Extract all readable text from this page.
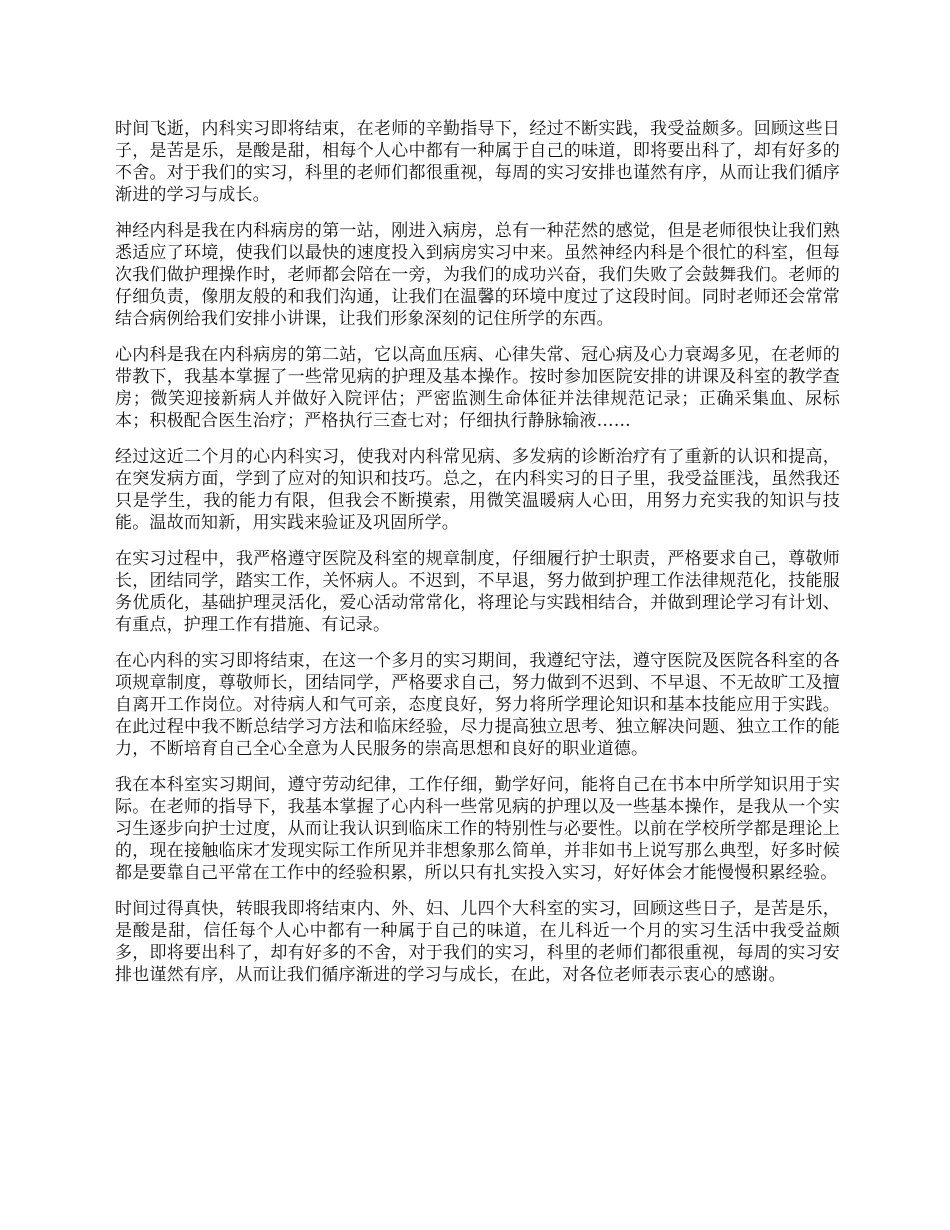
时间飞逝，内科实习即将结束，在老师的辛勤指导下，经过不断实践，我受益颇多。回顾这些日子，是苦是乐，是酸是甜，相每个人心中都有一种属于自己的味道，即将要出科了，却有好多的不舍。对于我们的实习，科里的老师们都很重视，每周的实习安排也谨然有序，从而让我们循序渐进的学习与成长。

神经内科是我在内科病房的第一站，刚进入病房，总有一种茫然的感觉，但是老师很快让我们熟悉适应了环境，使我们以最快的速度投入到病房实习中来。虽然神经内科是个很忙的科室，但每次我们做护理操作时，老师都会陪在一旁，为我们的成功兴奋，我们失败了会鼓舞我们。老师的仔细负责，像朋友般的和我们沟通，让我们在温馨的环境中度过了这段时间。同时老师还会常常结合病例给我们安排小讲课，让我们形象深刻的记住所学的东西。

心内科是我在内科病房的第二站，它以高血压病、心律失常、冠心病及心力衰竭多见，在老师的带教下，我基本掌握了一些常见病的护理及基本操作。按时参加医院安排的讲课及科室的教学查房；微笑迎接新病人并做好入院评估；严密监测生命体征并法律规范记录；正确采集血、尿标本；积极配合医生治疗；严格执行三查七对；仔细执行静脉输液……

经过这近二个月的心内科实习，使我对内科常见病、多发病的诊断治疗有了重新的认识和提高，在突发病方面，学到了应对的知识和技巧。总之，在内科实习的日子里，我受益匪浅，虽然我还只是学生，我的能力有限，但我会不断摸索，用微笑温暖病人心田，用努力充实我的知识与技能。温故而知新，用实践来验证及巩固所学。

在实习过程中，我严格遵守医院及科室的规章制度，仔细履行护士职责，严格要求自己，尊敬师长，团结同学，踏实工作，关怀病人。不迟到，不早退，努力做到护理工作法律规范化，技能服务优质化，基础护理灵活化，爱心活动常常化，将理论与实践相结合，并做到理论学习有计划、有重点，护理工作有措施、有记录。

在心内科的实习即将结束，在这一个多月的实习期间，我遵纪守法，遵守医院及医院各科室的各项规章制度，尊敬师长，团结同学，严格要求自己，努力做到不迟到、不早退、不无故旷工及擅自离开工作岗位。对待病人和气可亲，态度良好，努力将所学理论知识和基本技能应用于实践。在此过程中我不断总结学习方法和临床经验，尽力提高独立思考、独立解决问题、独立工作的能力，不断培育自己全心全意为人民服务的崇高思想和良好的职业道德。

我在本科室实习期间，遵守劳动纪律，工作仔细，勤学好问，能将自己在书本中所学知识用于实际。在老师的指导下，我基本掌握了心内科一些常见病的护理以及一些基本操作，是我从一个实习生逐步向护士过度，从而让我认识到临床工作的特别性与必要性。以前在学校所学都是理论上的，现在接触临床才发现实际工作所见并非想象那么简单，并非如书上说写那么典型，好多时候都是要靠自己平常在工作中的经验积累，所以只有扎实投入实习，好好体会才能慢慢积累经验。

时间过得真快，转眼我即将结束内、外、妇、儿四个大科室的实习，回顾这些日子，是苦是乐，是酸是甜，信任每个人心中都有一种属于自己的味道，在儿科近一个月的实习生活中我受益颇多，即将要出科了，却有好多的不舍，对于我们的实习，科里的老师们都很重视，每周的实习安排也谨然有序，从而让我们循序渐进的学习与成长，在此，对各位老师表示衷心的感谢。
